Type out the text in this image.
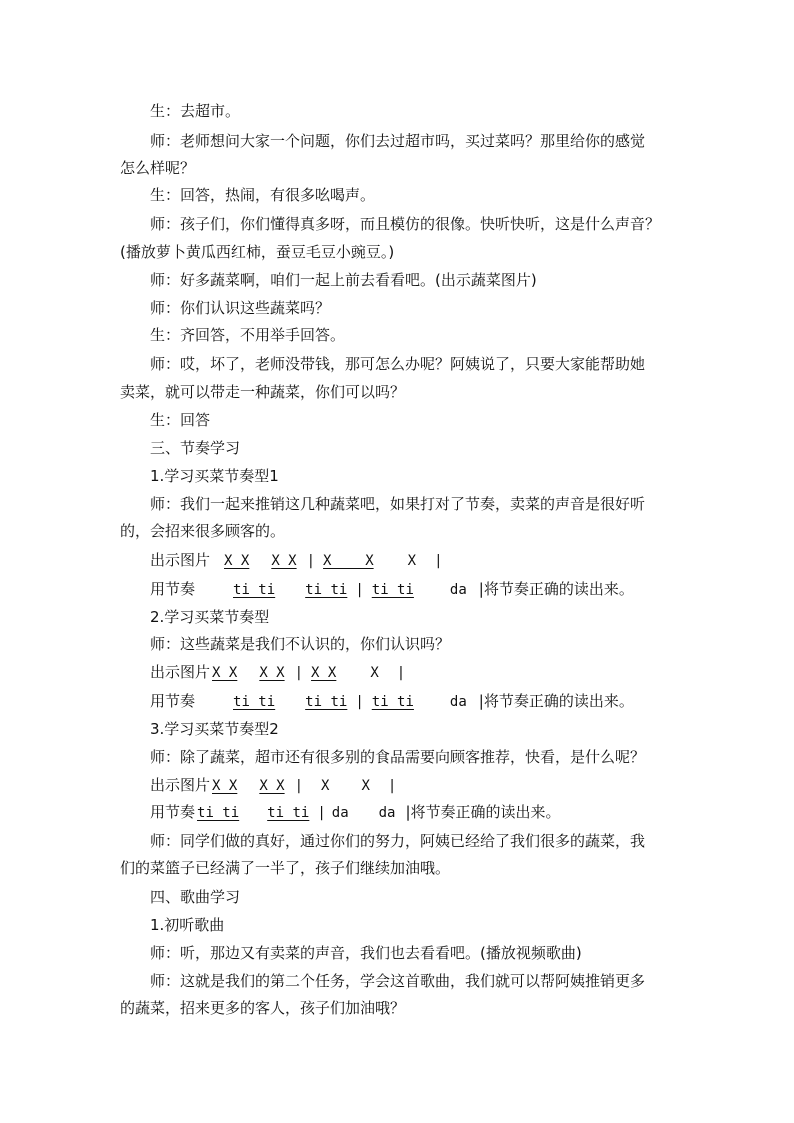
生：去超市。
师：老师想问大家一个问题，你们去过超市吗，买过菜吗？那里给你的感觉
怎么样呢？
生：回答，热闹，有很多吆喝声。
师：孩子们，你们懂得真多呀，而且模仿的很像。快听快听，这是什么声音？
(播放萝卜黄瓜西红柿，蚕豆毛豆小豌豆。)
师：好多蔬菜啊，咱们一起上前去看看吧。(出示蔬菜图片)
师：你们认识这些蔬菜吗？
生：齐回答，不用举手回答。
师：哎，坏了，老师没带钱，那可怎么办呢？阿姨说了，只要大家能帮助她
卖菜，就可以带走一种蔬菜，你们可以吗？
生：回答
三、节奏学习
1.学习买菜节奏型1
师：我们一起来推销这几种蔬菜吧，如果打对了节奏，卖菜的声音是很好听
的，会招来很多顾客的。
出示图片 X X X X | X    X X |
用节奏	ti ti ti ti | ti ti	da |将节奏正确的读出来。
2.学习买菜节奏型
师：这些蔬菜是我们不认识的，你们认识吗？
出示图片 X X X X | X X X |
用节奏	ti ti ti ti | ti ti	da |将节奏正确的读出来。
3.学习买菜节奏型2
师：除了蔬菜，超市还有很多别的食品需要向顾客推荐，快看，是什么呢？
出示图片 X X X X | X X |
用节奏 ti ti ti ti | da da |将节奏正确的读出来。
师：同学们做的真好，通过你们的努力，阿姨已经给了我们很多的蔬菜，我
们的菜篮子已经满了一半了，孩子们继续加油哦。
四、歌曲学习
1.初听歌曲
师：听，那边又有卖菜的声音，我们也去看看吧。(播放视频歌曲)
师：这就是我们的第二个任务，学会这首歌曲，我们就可以帮阿姨推销更多
的蔬菜，招来更多的客人，孩子们加油哦？
